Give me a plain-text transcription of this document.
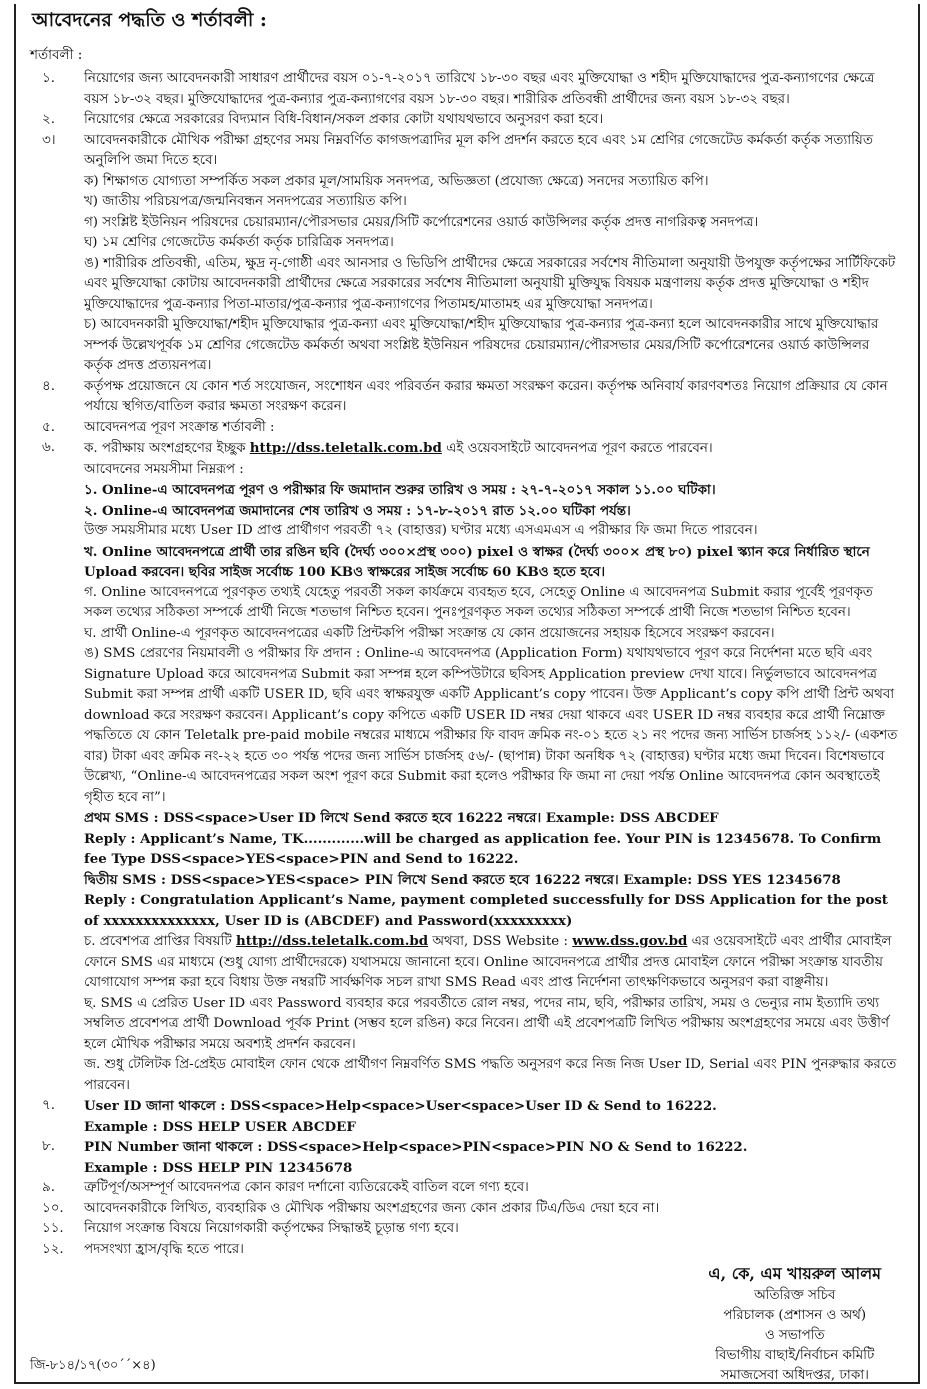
আবেদনের পদ্ধতি ও শর্তাবলী :
শর্তাবলী :
১.	নিয়োগের জন্য আবেদনকারী সাধারণ প্রার্থীদের বয়স ০১-৭-২০১৭ তারিখে ১৮-৩০ বছর এবং মুক্তিযোদ্ধা ও শহীদ মুক্তিযোদ্ধাদের পুত্র-কন্যাগণের ক্ষেত্রে বয়স ১৮-৩২ বছর। মুক্তিযোদ্ধাদের পুত্র-কন্যার পুত্র-কন্যাগণের বয়স ১৮-৩০ বছর। শারীরিক প্রতিবন্ধী প্রার্থীদের জন্য বয়স ১৮-৩২ বছর।
২.	নিয়োগের ক্ষেত্রে সরকারের বিদ্যমান বিধি-বিধান/সকল প্রকার কোটা যথাযথভাবে অনুসরণ করা হবে।
৩।	আবেদনকারীকে মৌখিক পরীক্ষা গ্রহণের সময় নিম্নবর্ণিত কাগজপত্রাদির মূল কপি প্রদর্শন করতে হবে এবং ১ম শ্রেণির গেজেটেড কর্মকর্তা কর্তৃক সত্যায়িত অনুলিপি জমা দিতে হবে।
ক) শিক্ষাগত যোগ্যতা সম্পর্কিত সকল প্রকার মূল/সাময়িক সনদপত্র, অভিজ্ঞতা (প্রযোজ্য ক্ষেত্রে) সনদের সত্যায়িত কপি।
খ) জাতীয় পরিচয়পত্র/জন্মনিবন্ধন সনদপত্রের সত্যায়িত কপি।
গ) সংশ্লিষ্ট ইউনিয়ন পরিষদের চেয়ারম্যান/পৌরসভার মেয়র/সিটি কর্পোরেশনের ওয়ার্ড কাউন্সিলর কর্তৃক প্রদত্ত নাগরিকত্ব সনদপত্র।
ঘ) ১ম শ্রেণির গেজেটেড কর্মকর্তা কর্তৃক চারিত্রিক সনদপত্র।
ঙ) শারীরিক প্রতিবন্ধী, এতিম, ক্ষুদ্র নৃ-গোষ্ঠী এবং আনসার ও ভিডিপি প্রার্থীদের ক্ষেত্রে সরকারের সর্বশেষ নীতিমালা অনুযায়ী উপযুক্ত কর্তৃপক্ষের সার্টিফিকেট এবং মুক্তিযোদ্ধা কোটায় আবেদনকারী প্রার্থীদের ক্ষেত্রে সরকারের সর্বশেষ নীতিমালা অনুযায়ী মুক্তিযুদ্ধ বিষয়ক মন্ত্রণালয় কর্তৃক প্রদত্ত মুক্তিযোদ্ধা ও শহীদ মুক্তিযোদ্ধাদের পুত্র-কন্যার পিতা-মাতার/পুত্র-কন্যার পুত্র-কন্যাগণের পিতামহ/মাতামহ এর মুক্তিযোদ্ধা সনদপত্র।
চ) আবেদনকারী মুক্তিযোদ্ধা/শহীদ মুক্তিযোদ্ধার পুত্র-কন্যা এবং মুক্তিযোদ্ধা/শহীদ মুক্তিযোদ্ধার পুত্র-কন্যার পুত্র-কন্যা হলে আবেদনকারীর সাথে মুক্তিযোদ্ধার সম্পর্ক উল্লেখপূর্বক ১ম শ্রেণির গেজেটেড কর্মকর্তা অথবা সংশ্লিষ্ট ইউনিয়ন পরিষদের চেয়ারম্যান/পৌরসভার মেয়র/সিটি কর্পোরেশনের ওয়ার্ড কাউন্সিলর কর্তৃক প্রদত্ত প্রত্যয়নপত্র।
৪.	কর্তৃপক্ষ প্রয়োজনে যে কোন শর্ত সংযোজন, সংশোধন এবং পরিবর্তন করার ক্ষমতা সংরক্ষণ করেন। কর্তৃপক্ষ অনিবার্য কারণবশতঃ নিয়োগ প্রক্রিয়ার যে কোন পর্যায়ে স্থগিত/বাতিল করার ক্ষমতা সংরক্ষণ করেন।
৫.	আবেদনপত্র পূরণ সংক্রান্ত শর্তাবলী :
৬.	ক. পরীক্ষায় অংশগ্রহণের ইচ্ছুক http://dss.teletalk.com.bd এই ওয়েবসাইটে আবেদনপত্র পূরণ করতে পারবেন।
আবেদনের সময়সীমা নিম্নরূপ :
১. Online-এ আবেদনপত্র পূরণ ও পরীক্ষার ফি জমাদান শুরুর তারিখ ও সময় : ২৭-৭-২০১৭ সকাল ১১.০০ ঘটিকা।
২. Online-এ আবেদনপত্র জমাদানের শেষ তারিখ ও সময় : ১৭-৮-২০১৭ রাত ১২.০০ ঘটিকা পর্যন্ত।
উক্ত সময়সীমার মধ্যে User ID প্রাপ্ত প্রার্থীগণ পরবর্তী ৭২ (বাহাত্তর) ঘণ্টার মধ্যে এসএমএস এ পরীক্ষার ফি জমা দিতে পারবেন।
খ. Online আবেদনপত্রে প্রার্থী তার রঙিন ছবি (দৈর্ঘ্য ৩০০×প্রস্থ ৩০০) pixel ও স্বাক্ষর (দৈর্ঘ্য ৩০০× প্রস্থ ৮০) pixel স্ক্যান করে নির্ধারিত স্থানে Upload করবেন। ছবির সাইজ সর্বোচ্চ 100 KBও স্বাক্ষরের সাইজ সর্বোচ্চ 60 KBও হতে হবে।
গ. Online আবেদনপত্রে পূরণকৃত তথ্যই যেহেতু পরবর্তী সকল কার্যক্রমে ব্যবহৃত হবে, সেহেতু Online এ আবেদনপত্র Submit করার পূর্বেই পূরণকৃত সকল তথ্যের সঠিকতা সম্পর্কে প্রার্থী নিজে শতভাগ নিশ্চিত হবেন। পুনঃপূরণকৃত সকল তথ্যের সঠিকতা সম্পর্কে প্রার্থী নিজে শতভাগ নিশ্চিত হবেন।
ঘ. প্রার্থী Online-এ পূরণকৃত আবেদনপত্রের একটি প্রিন্টকপি পরীক্ষা সংক্রান্ত যে কোন প্রয়োজনের সহায়ক হিসেবে সংরক্ষণ করবেন।
ঙ) SMS প্রেরণের নিয়মাবলী ও পরীক্ষার ফি প্রদান : Online-এ আবেদনপত্র (Application Form) যথাযথভাবে পূরণ করে নির্দেশনা মতে ছবি এবং Signature Upload করে আবেদনপত্র Submit করা সম্পন্ন হলে কম্পিউটারে ছবিসহ Application preview দেখা যাবে। নির্ভুলভাবে আবেদনপত্র Submit করা সম্পন্ন প্রার্থী একটি USER ID, ছবি এবং স্বাক্ষরযুক্ত একটি Applicant’s copy পাবেন। উক্ত Applicant’s copy কপি প্রার্থী প্রিন্ট অথবা download করে সংরক্ষণ করবেন। Applicant’s copy কপিতে একটি USER ID নম্বর দেয়া থাকবে এবং USER ID নম্বর ব্যবহার করে প্রার্থী নিম্নোক্ত পদ্ধতিতে যে কোন Teletalk pre-paid mobile নম্বরের মাধ্যমে পরীক্ষার ফি বাবদ ক্রমিক নং-০১ হতে ২১ নং পদের জন্য সার্ভিস চার্জসহ ১১২/- (একশত বার) টাকা এবং ক্রমিক নং-২২ হতে ৩০ পর্যন্ত পদের জন্য সার্ভিস চার্জসহ ৫৬/- (ছাপান্ন) টাকা অনধিক ৭২ (বাহাত্তর) ঘণ্টার মধ্যে জমা দিবেন। বিশেষভাবে উল্লেখ্য, “Online-এ আবেদনপত্রের সকল অংশ পূরণ করে Submit করা হলেও পরীক্ষার ফি জমা না দেয়া পর্যন্ত Online আবেদনপত্র কোন অবস্থাতেই গৃহীত হবে না”।
প্রথম SMS : DSS<space>User ID লিখে Send করতে হবে 16222 নম্বরে। Example: DSS ABCDEF
Reply : Applicant’s Name, TK.............will be charged as application fee. Your PIN is 12345678. To Confirm fee Type DSS<space>YES<space>PIN and Send to 16222.
দ্বিতীয় SMS : DSS<space>YES<space> PIN লিখে Send করতে হবে 16222 নম্বরে। Example: DSS YES 12345678
Reply : Congratulation Applicant’s Name, payment completed successfully for DSS Application for the post of xxxxxxxxxxxxxx, User ID is (ABCDEF) and Password(xxxxxxxxx)
চ. প্রবেশপত্র প্রাপ্তির বিষয়টি http://dss.teletalk.com.bd অথবা, DSS Website : www.dss.gov.bd এর ওয়েবসাইটে এবং প্রার্থীর মোবাইল ফোনে SMS এর মাধ্যমে (শুধু যোগ্য প্রার্থীদেরকে) যথাসময়ে জানানো হবে। Online আবেদনপত্রে প্রার্থীর প্রদত্ত মোবাইল ফোনে পরীক্ষা সংক্রান্ত যাবতীয় যোগাযোগ সম্পন্ন করা হবে বিধায় উক্ত নম্বরটি সার্বক্ষণিক সচল রাখা SMS Read এবং প্রাপ্ত নির্দেশনা তাৎক্ষণিকভাবে অনুসরণ করা বাঞ্ছনীয়।
ছ. SMS এ প্রেরিত User ID এবং Password ব্যবহার করে পরবর্তীতে রোল নম্বর, পদের নাম, ছবি, পরীক্ষার তারিখ, সময় ও ভেন্যুর নাম ইত্যাদি তথ্য সম্বলিত প্রবেশপত্র প্রার্থী Download পূর্বক Print (সম্ভব হলে রঙিন) করে নিবেন। প্রার্থী এই প্রবেশপত্রটি লিখিত পরীক্ষায় অংশগ্রহণের সময়ে এবং উত্তীর্ণ হলে মৌখিক পরীক্ষার সময়ে অবশ্যই প্রদর্শন করবেন।
জ. শুধু টেলিটক প্রি-প্রেইড মোবাইল ফোন থেকে প্রার্থীগণ নিম্নবর্ণিত SMS পদ্ধতি অনুসরণ করে নিজ নিজ User ID, Serial এবং PIN পুনরুদ্ধার করতে পারবেন।
৭.	User ID জানা থাকলে : DSS<space>Help<space>User<space>User ID & Send to 16222.
Example : DSS HELP USER ABCDEF
৮.	PIN Number জানা থাকলে : DSS<space>Help<space>PIN<space>PIN NO & Send to 16222.
Example : DSS HELP PIN 12345678
৯.	ত্রুটিপূর্ণ/অসম্পূর্ণ আবেদনপত্র কোন কারণ দর্শানো ব্যতিরেকেই বাতিল বলে গণ্য হবে।
১০.	আবেদনকারীকে লিখিত, ব্যবহারিক ও মৌখিক পরীক্ষায় অংশগ্রহণের জন্য কোন প্রকার টিএ/ডিএ দেয়া হবে না।
১১.	নিয়োগ সংক্রান্ত বিষয়ে নিয়োগকারী কর্তৃপক্ষের সিদ্ধান্তই চূড়ান্ত গণ্য হবে।
১২.	পদসংখ্যা হ্রাস/বৃদ্ধি হতে পারে।
এ, কে, এম খায়রুল আলম
অতিরিক্ত সচিব
পরিচালক (প্রশাসন ও অর্থ)
ও সভাপতি
বিভাগীয় বাছাই/নির্বাচন কমিটি
সমাজসেবা অধিদপ্তর, ঢাকা।
জি-৮১৪/১৭(৩০´´×৪)
